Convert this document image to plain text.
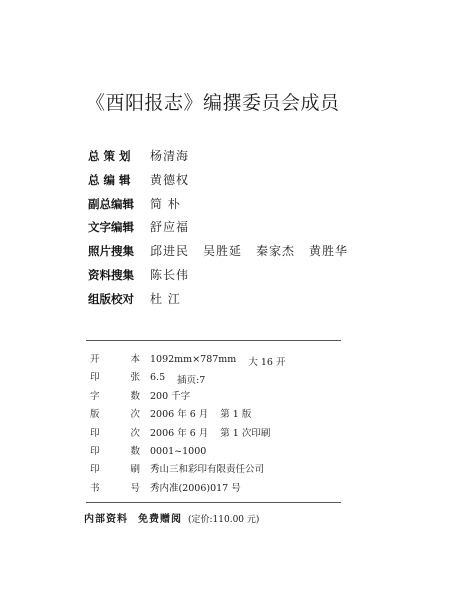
《酉阳报志》编撰委员会成员
总 策 划	杨清海
总 编 辑	黄德权
副总编辑	简 朴
文字编辑	舒应福
照片搜集	邱进民 吴胜延 秦家杰 黄胜华
资料搜集	陈长伟
组版校对	杜 江
开本 1092mm×787mm 大 16 开
印张 6.5 插页:7
字数 200 千字
版次 2006 年 6 月 第 1 版
印次 2006 年 6 月 第 1 次印刷
印数 0001~1000
印刷 秀山三和彩印有限责任公司
书号 秀内准(2006)017 号
内部资料 免费赠阅 (定价:110.00 元)
